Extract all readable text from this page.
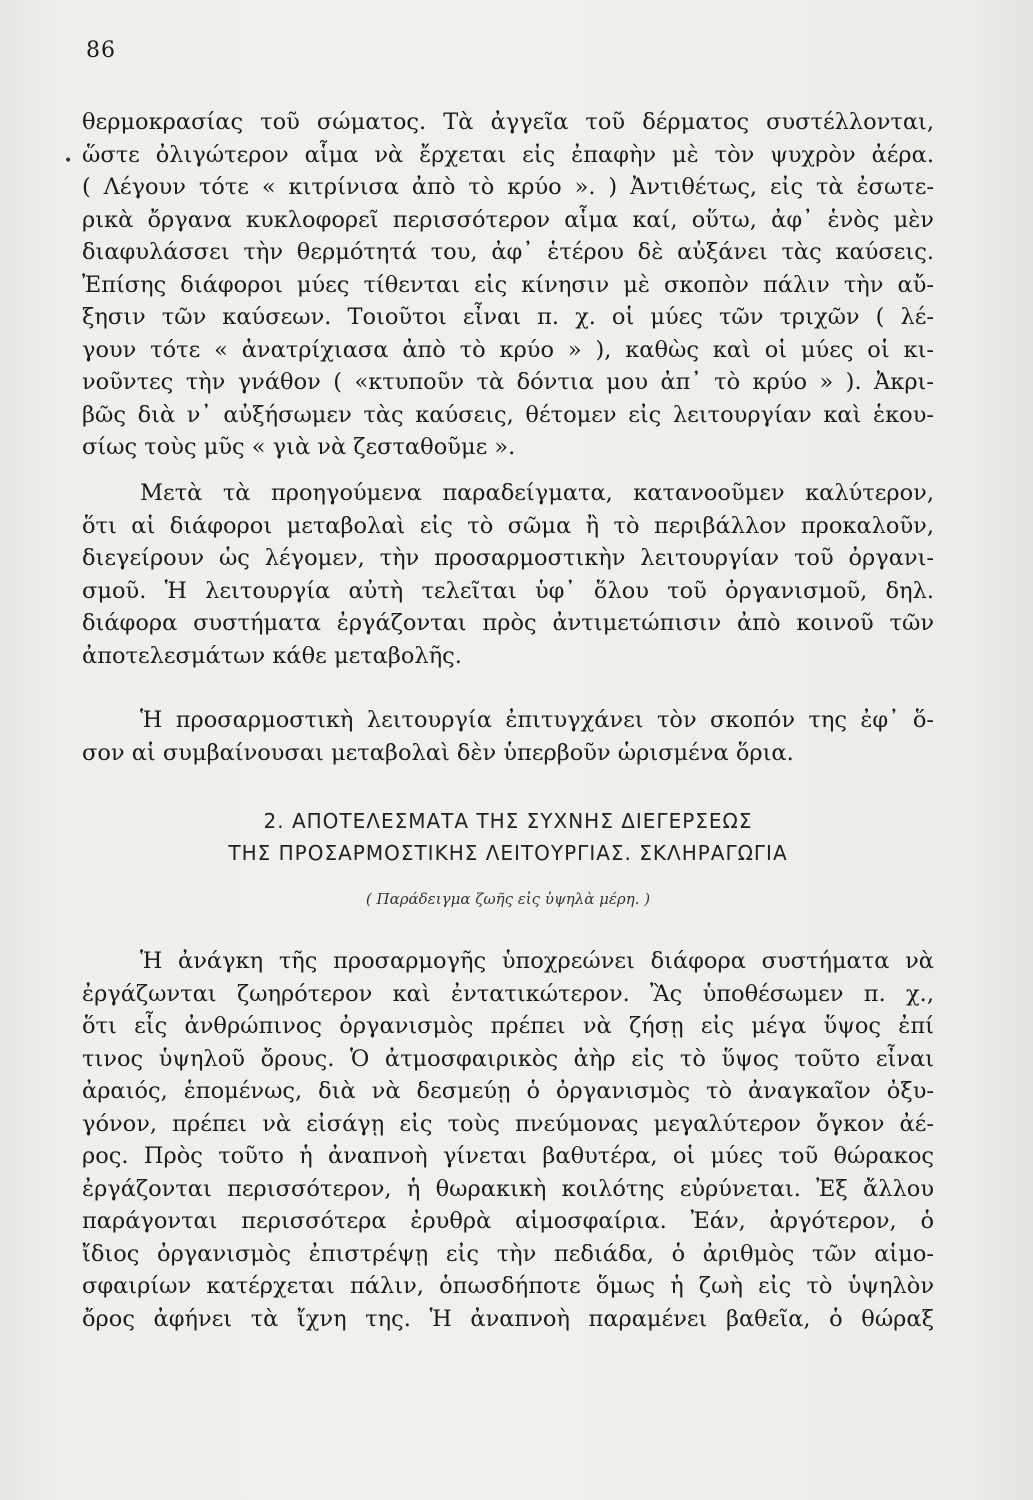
86
•
θερμοκρασίας τοῦ σώματος. Τὰ ἀγγεῖα τοῦ δέρματος συστέλλονται,
ὥστε ὀλιγώτερον αἷμα νὰ ἔρχεται εἰς ἐπαφὴν μὲ τὸν ψυχρὸν ἀέρα.
( Λέγουν τότε « κιτρίνισα ἀπὸ τὸ κρύο ». ) Ἀντιθέτως, εἰς τὰ ἐσωτε-
ρικὰ ὄργανα κυκλοφορεῖ περισσότερον αἷμα καί, οὕτω, ἀφ᾿ ἑνὸς μὲν
διαφυλάσσει τὴν θερμότητά του, ἀφ᾿ ἑτέρου δὲ αὐξάνει τὰς καύσεις.
Ἐπίσης διάφοροι μύες τίθενται εἰς κίνησιν μὲ σκοπὸν πάλιν τὴν αὔ-
ξησιν τῶν καύσεων. Τοιοῦτοι εἶναι π. χ. οἱ μύες τῶν τριχῶν ( λέ-
γουν τότε « ἀνατρίχιασα ἀπὸ τὸ κρύο » ), καθὼς καὶ οἱ μύες οἱ κι-
νοῦντες τὴν γνάθον ( «κτυποῦν τὰ δόντια μου ἀπ᾿ τὸ κρύο » ). Ἀκρι-
βῶς διὰ ν᾿ αὐξήσωμεν τὰς καύσεις, θέτομεν εἰς λειτουργίαν καὶ ἑκου-
σίως τοὺς μῦς « γιὰ νὰ ζεσταθοῦμε ».
Μετὰ τὰ προηγούμενα παραδείγματα, κατανοοῦμεν καλύτερον,
ὅτι αἱ διάφοροι μεταβολαὶ εἰς τὸ σῶμα ἢ τὸ περιβάλλον προκαλοῦν,
διεγείρουν ὡς λέγομεν, τὴν προσαρμοστικὴν λειτουργίαν τοῦ ὀργανι-
σμοῦ. Ἡ λειτουργία αὐτὴ τελεῖται ὑφ᾿ ὅλου τοῦ ὀργανισμοῦ, δηλ.
διάφορα συστήματα ἐργάζονται πρὸς ἀντιμετώπισιν ἀπὸ κοινοῦ τῶν
ἀποτελεσμάτων κάθε μεταβολῆς.
Ἡ προσαρμοστικὴ λειτουργία ἐπιτυγχάνει τὸν σκοπόν της ἐφ᾿ ὅ-
σον αἱ συμβαίνουσαι μεταβολαὶ δὲν ὑπερβοῦν ὡρισμένα ὅρια.
2. ΑΠΟΤΕΛΕΣΜΑΤΑ ΤΗΣ ΣΥΧΝΗΣ ΔΙΕΓΕΡΣΕΩΣ
ΤΗΣ ΠΡΟΣΑΡΜΟΣΤΙΚΗΣ ΛΕΙΤΟΥΡΓΙΑΣ. ΣΚΛΗΡΑΓΩΓΙΑ
( Παράδειγμα ζωῆς εἰς ὑψηλὰ μέρη. )
Ἡ ἀνάγκη τῆς προσαρμογῆς ὑποχρεώνει διάφορα συστήματα νὰ
ἐργάζωνται ζωηρότερον καὶ ἐντατικώτερον. Ἂς ὑποθέσωμεν π. χ.,
ὅτι εἷς ἀνθρώπινος ὀργανισμὸς πρέπει νὰ ζήσῃ εἰς μέγα ὕψος ἐπί
τινος ὑψηλοῦ ὄρους. Ὁ ἀτμοσφαιρικὸς ἀὴρ εἰς τὸ ὕψος τοῦτο εἶναι
ἀραιός, ἑπομένως, διὰ νὰ δεσμεύῃ ὁ ὀργανισμὸς τὸ ἀναγκαῖον ὀξυ-
γόνον, πρέπει νὰ εἰσάγῃ εἰς τοὺς πνεύμονας μεγαλύτερον ὄγκον ἀέ-
ρος. Πρὸς τοῦτο ἡ ἀναπνοὴ γίνεται βαθυτέρα, οἱ μύες τοῦ θώρακος
ἐργάζονται περισσότερον, ἡ θωρακικὴ κοιλότης εὐρύνεται. Ἐξ ἄλλου
παράγονται περισσότερα ἐρυθρὰ αἱμοσφαίρια. Ἐάν, ἀργότερον, ὁ
ἴδιος ὀργανισμὸς ἐπιστρέψῃ εἰς τὴν πεδιάδα, ὁ ἀριθμὸς τῶν αἱμο-
σφαιρίων κατέρχεται πάλιν, ὁπωσδήποτε ὅμως ἡ ζωὴ εἰς τὸ ὑψηλὸν
ὄρος ἀφήνει τὰ ἴχνη της. Ἡ ἀναπνοὴ παραμένει βαθεῖα, ὁ θώραξ
